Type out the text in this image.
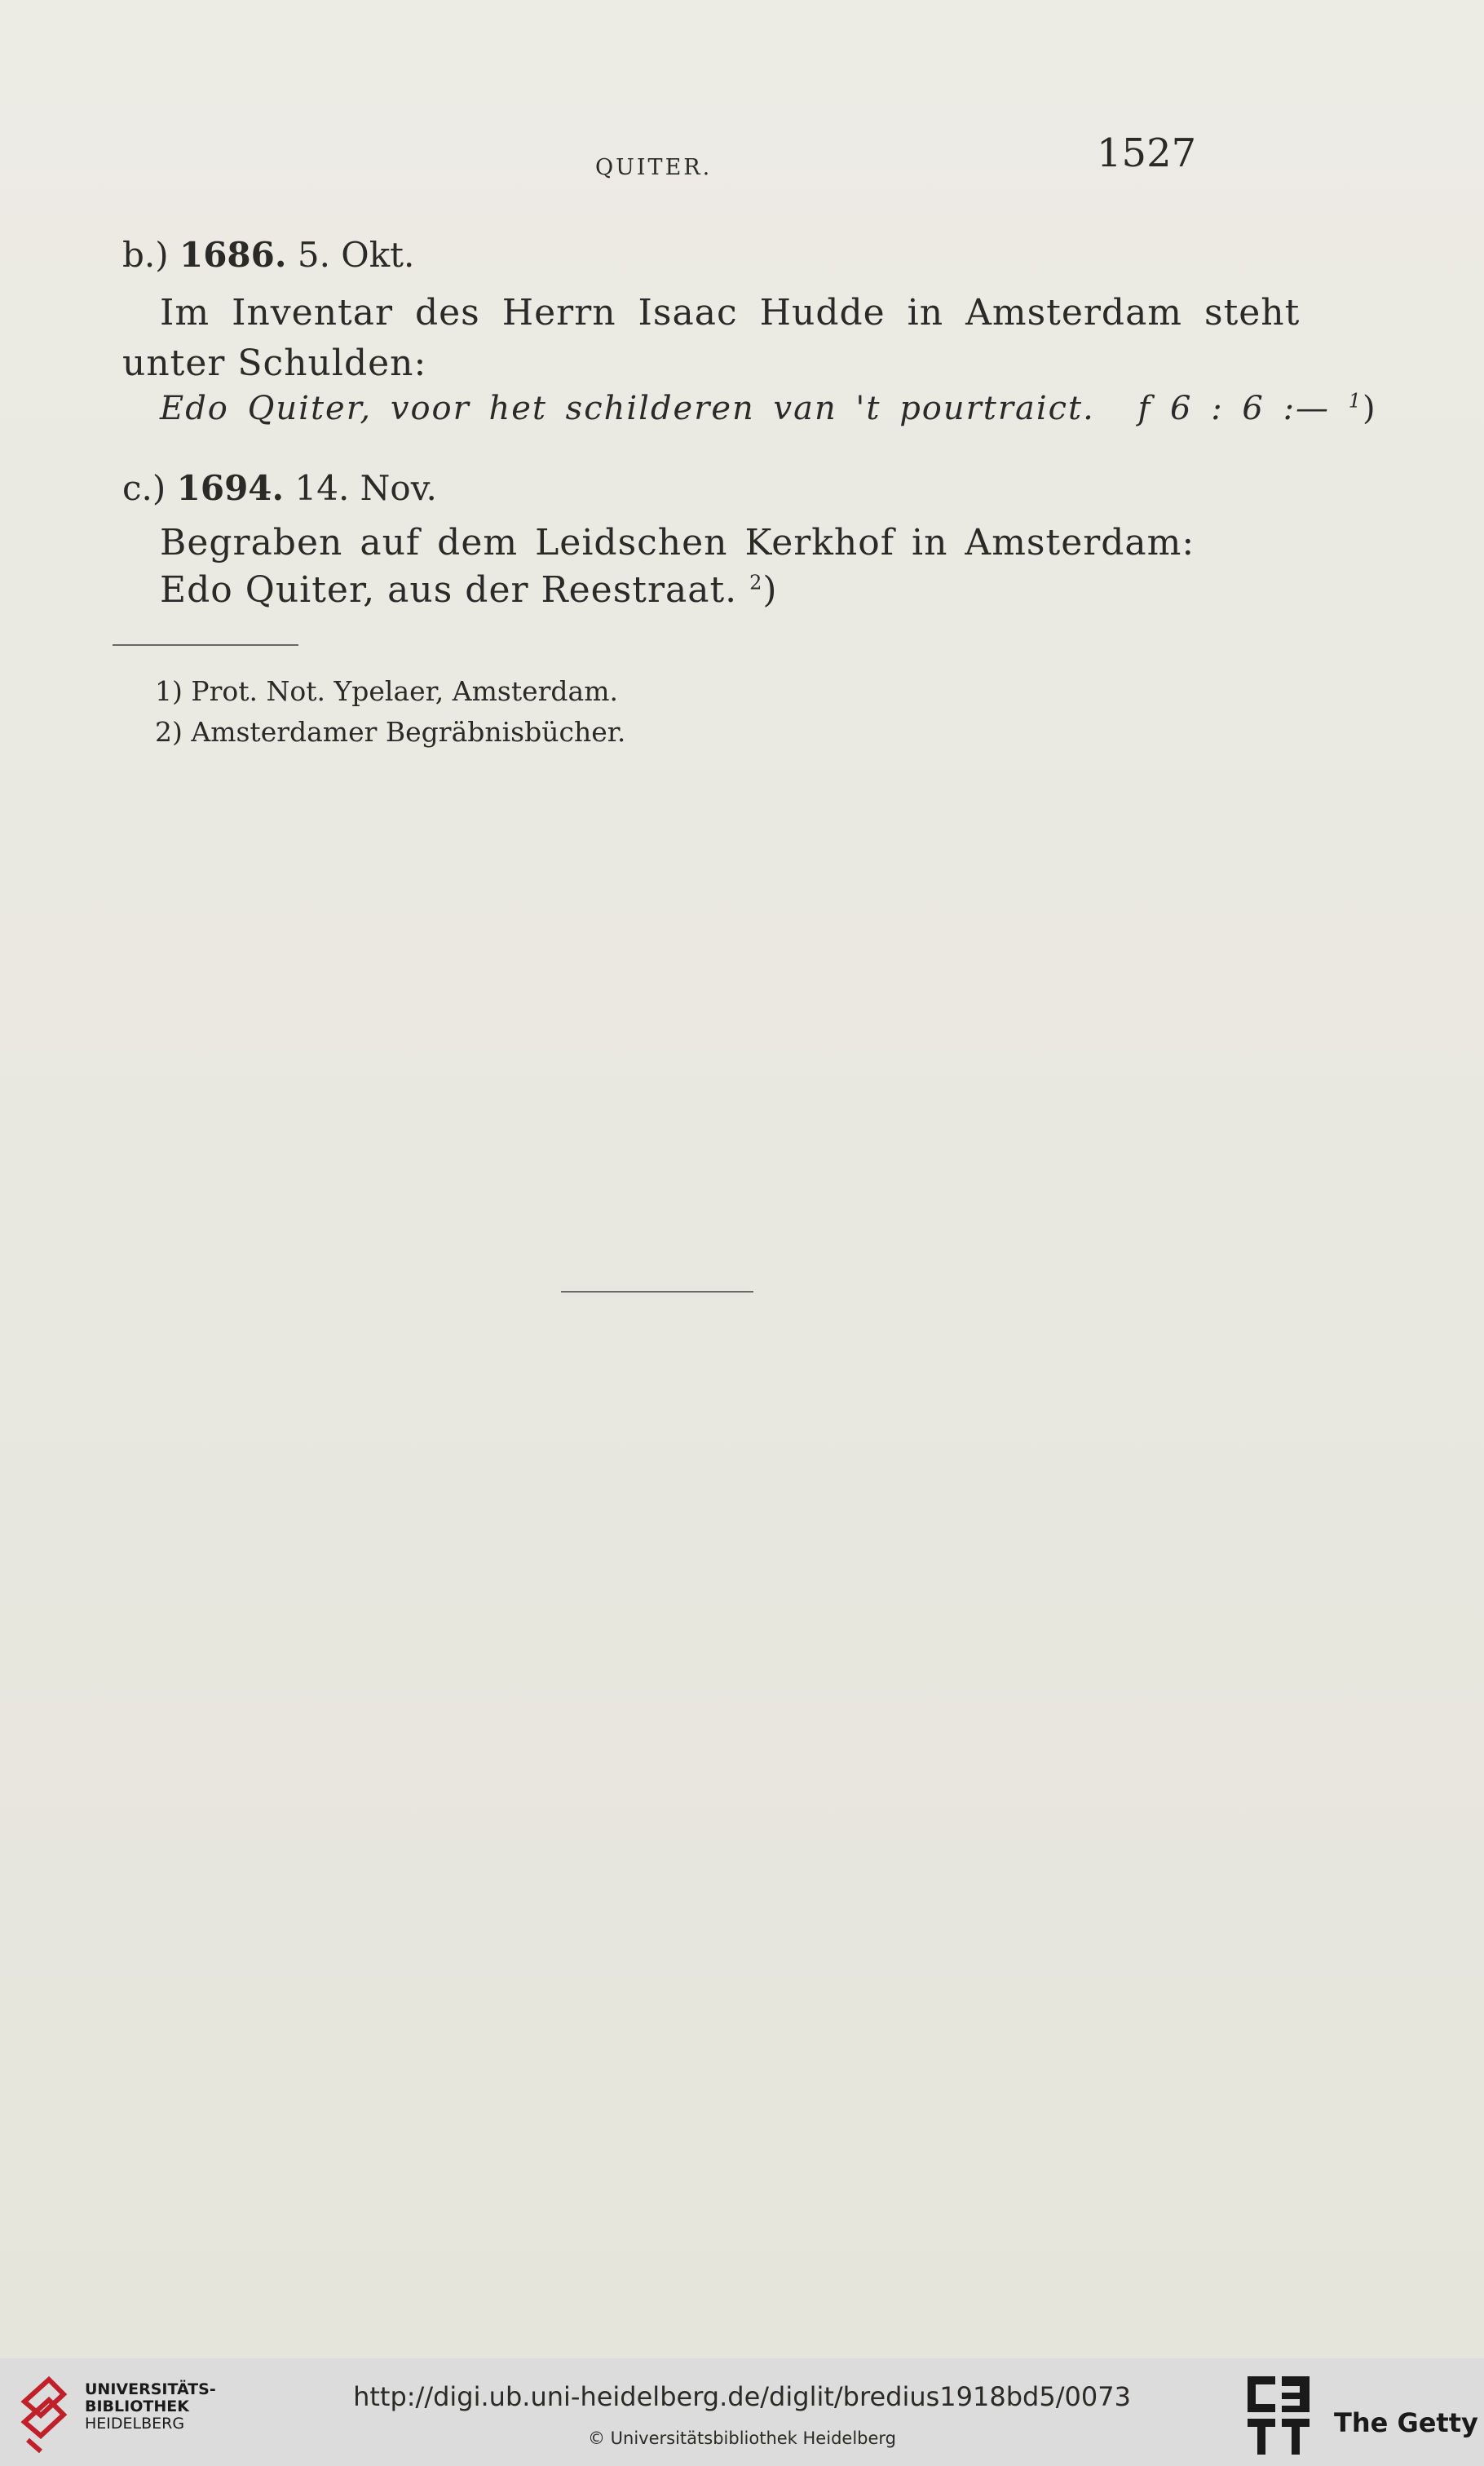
QUITER.	1527
b.) 1686. 5. Okt.
Im Inventar des Herrn Isaac Hudde in Amsterdam steht
unter Schulden:
Edo Quiter, voor het schilderen van 't pourtraict. f 6 : 6 :— $^1$)
c.) 1694. 14. Nov.
Begraben auf dem Leidschen Kerkhof in Amsterdam:
Edo Quiter, aus der Reestraat. $^2$)
1) Prot. Not. Ypelaer, Amsterdam.
2) Amsterdamer Begräbnisbücher.
UNIVERSITÄTS-
BIBLIOTHEK
HEIDELBERG
http://digi.ub.uni-heidelberg.de/diglit/bredius1918bd5/0073
© Universitätsbibliothek Heidelberg	The Getty
